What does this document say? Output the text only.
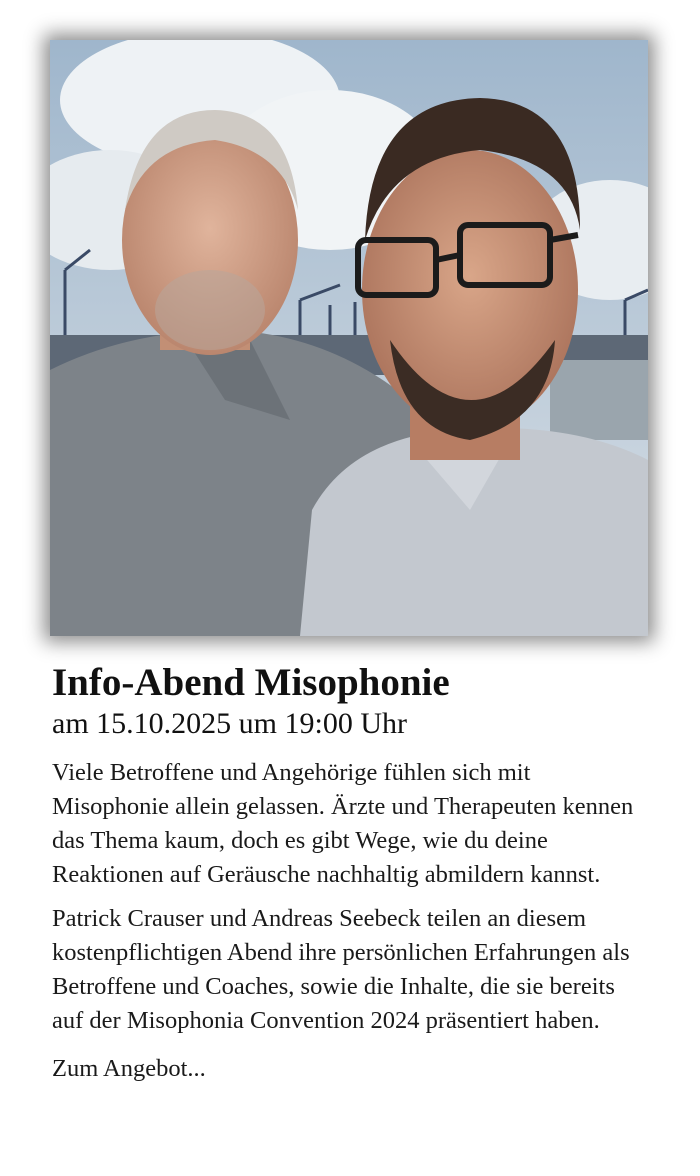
Info-Abend Misophonie

am 15.10.2025 um 19:00 Uhr

Viele Betroffene und Angehörige fühlen sich mit Misophonie allein gelassen. Ärzte und Therapeuten kennen das Thema kaum, doch es gibt Wege, wie du deine Reaktionen auf Geräusche nachhaltig abmildern kannst.

Patrick Crauser und Andreas Seebeck teilen an diesem kostenpflichtigen Abend ihre persönlichen Erfahrungen als Betroffene und Coaches, sowie die Inhalte, die sie bereits auf der Misophonia Convention 2024 präsentiert haben.

Zum Angebot...
